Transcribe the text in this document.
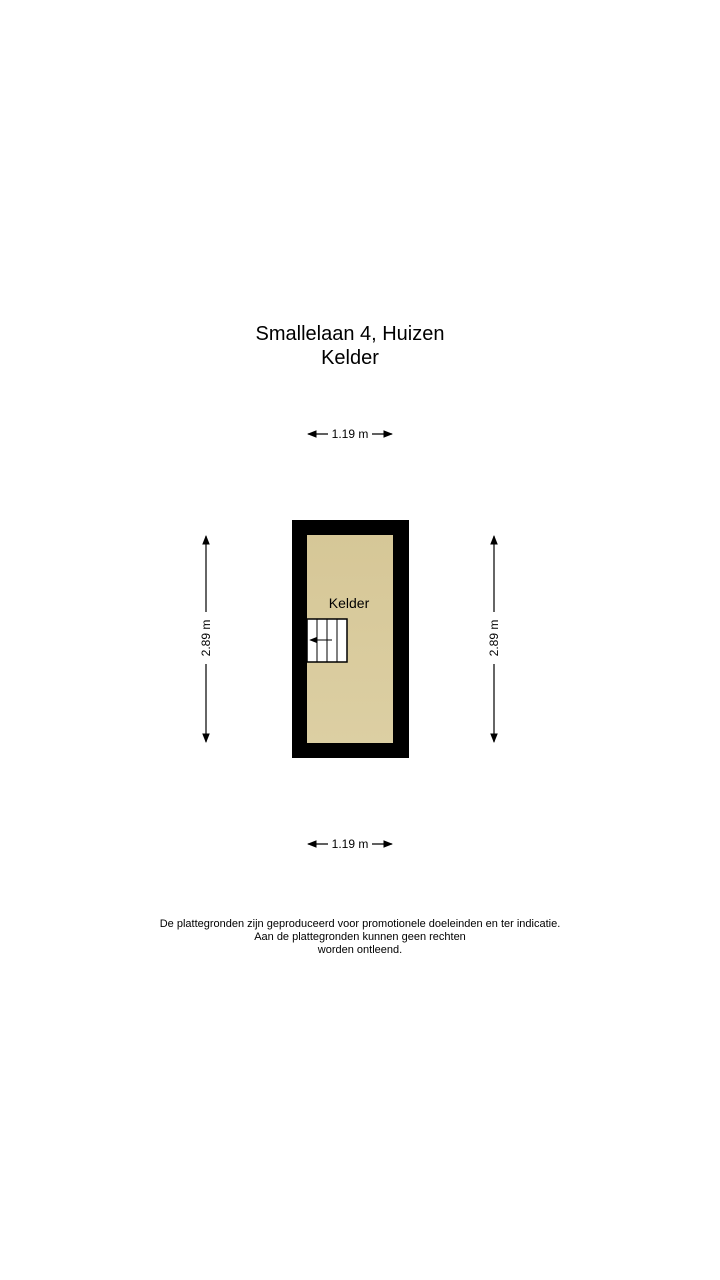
Smallelaan 4, Huizen
Kelder
1.19 m
1.19 m
2.89 m	2.89 m
Kelder
De plattegronden zijn geproduceerd voor promotionele doeleinden en ter indicatie.
Aan de plattegronden kunnen geen rechten
worden ontleend.
